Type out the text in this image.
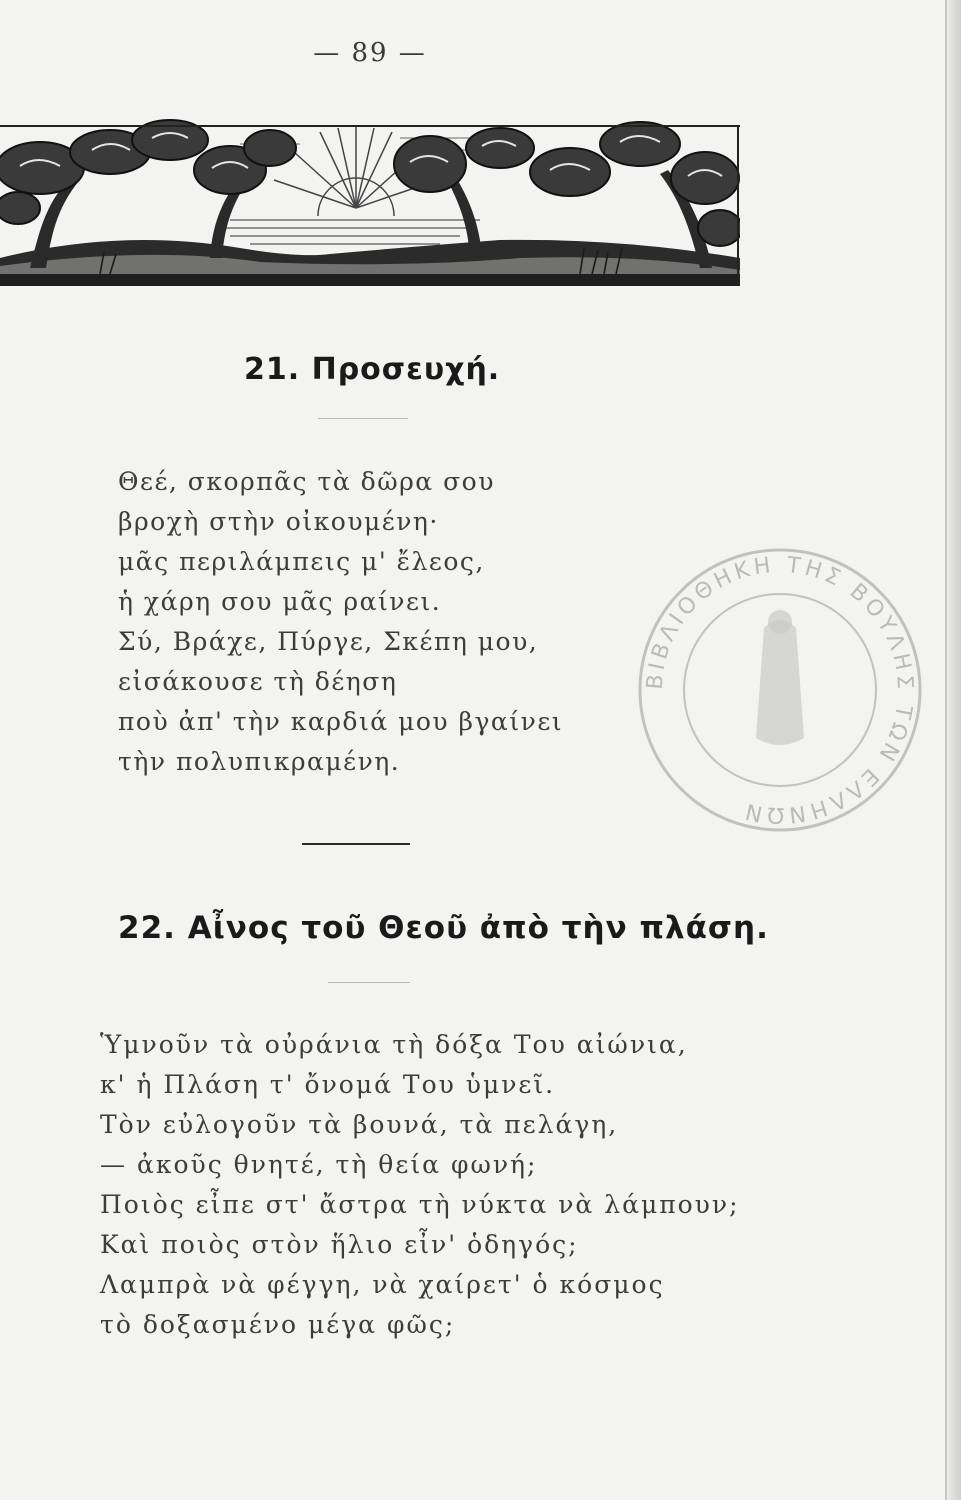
— 89 —
ΒΙΒΛΙΟΘΗΚΗ ΤΗΣ ΒΟΥΛΗΣ ΤΩΝ ΕΛΛΗΝΩΝ
21. Προσευχή.
Θεέ, σκορπᾶς τὰ δῶρα σου
βροχὴ στὴν οἰκουμένη·
μᾶς περιλάμπεις μ' ἔλεος,
ἡ χάρη σου μᾶς ραίνει.
Σύ, Βράχε, Πύργε, Σκέπη μου,
εἰσάκουσε τὴ δέηση
ποὺ ἀπ' τὴν καρδιά μου βγαίνει
τὴν πολυπικραμένη.
22. Αἶνος τοῦ Θεοῦ ἀπὸ τὴν πλάση.
Ὑμνοῦν τὰ οὐράνια τὴ δόξα Του αἰώνια,
κ' ἡ Πλάση τ' ὄνομά Του ὑμνεῖ.
Τὸν εὐλογοῦν τὰ βουνά, τὰ πελάγη,
— ἀκοῦς θνητέ, τὴ θεία φωνή;
Ποιὸς εἶπε στ' ἄστρα τὴ νύκτα νὰ λάμπουν;
Καὶ ποιὸς στὸν ἥλιο εἶν' ὁδηγός;
Λαμπρὰ νὰ φέγγη, νὰ χαίρετ' ὁ κόσμος
τὸ δοξασμένο μέγα φῶς;
